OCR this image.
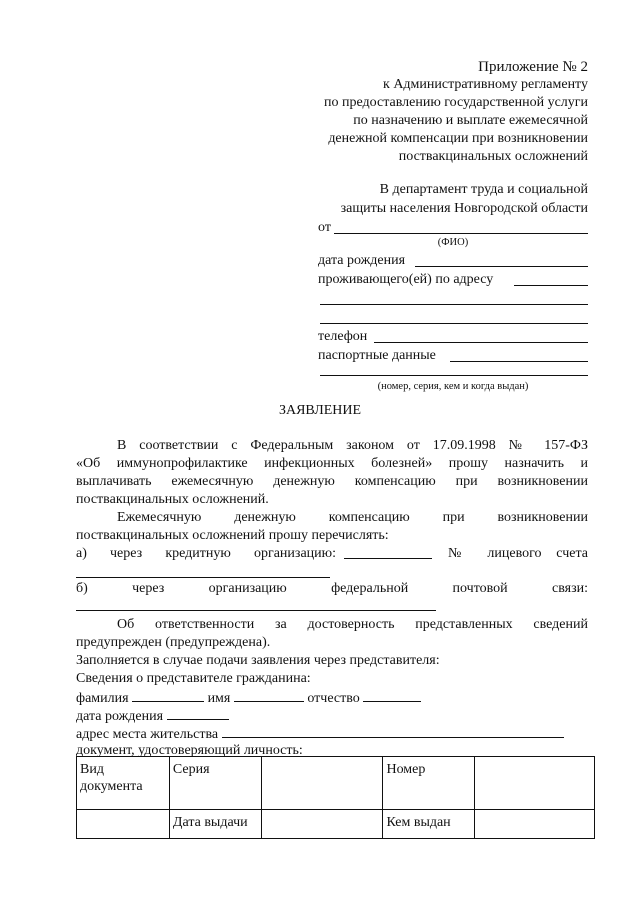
Приложение № 2
к Административному регламенту
по предоставлению государственной услуги
по назначению и выплате ежемесячной
денежной компенсации при возникновении
поствакцинальных осложнений
В департамент труда и социальной
защиты населения Новгородской области
от
(ФИО)
дата рождения
проживающего(ей) по адресу
телефон
паспортные данные
(номер, серия, кем и когда выдан)
ЗАЯВЛЕНИЕ
В соответствии с Федеральным законом от 17.09.1998 № 157-ФЗ
«Об иммунопрофилактике инфекционных болезней» прошу назначить и
выплачивать ежемесячную денежную компенсацию при возникновении
поствакцинальных осложнений.
Ежемесячную денежную компенсацию при возникновении
поствакцинальных осложнений прошу перечислять:
а) через кредитную организацию:	№ лицевого счета
б) через организацию федеральной почтовой связи:
Об ответственности за достоверность представленных сведений
предупрежден (предупреждена).
Заполняется в случае подачи заявления через представителя:
Сведения о представителе гражданина:
фамилия	имя	отчество
дата рождения
адрес места жительства
документ, удостоверяющий личность:
Вид документа	Серия		Номер	
	Дата выдачи		Кем выдан	
